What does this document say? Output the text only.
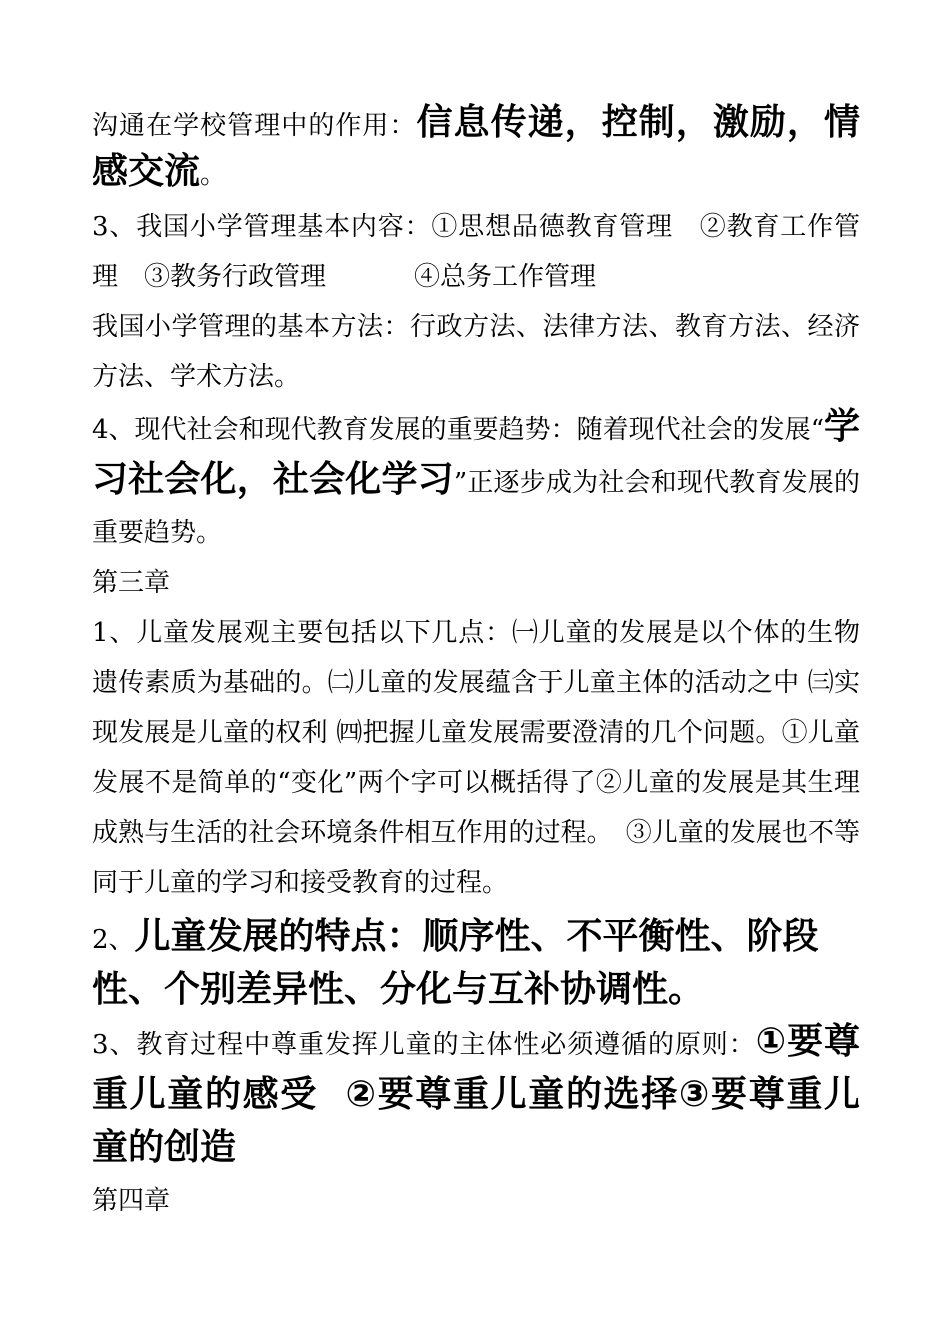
沟通在学校管理中的作用：信息传递，控制，激励，情感交流。

3、我国小学管理基本内容：①思想品德教育管理 ②教育工作管理 ③教务行政管理	④总务工作管理

我国小学管理的基本方法：行政方法、法律方法、教育方法、经济方法、学术方法。

4、现代社会和现代教育发展的重要趋势：随着现代社会的发展“学习社会化，社会化学习”正逐步成为社会和现代教育发展的重要趋势。

第三章

1、儿童发展观主要包括以下几点：㈠儿童的发展是以个体的生物遗传素质为基础的。㈡儿童的发展蕴含于儿童主体的活动之中 ㈢实现发展是儿童的权利 ㈣把握儿童发展需要澄清的几个问题。①儿童发展不是简单的“变化”两个字可以概括得了②儿童的发展是其生理成熟与生活的社会环境条件相互作用的过程。　③儿童的发展也不等同于儿童的学习和接受教育的过程。

2、儿童发展的特点：顺序性、不平衡性、阶段性、个别差异性、分化与互补协调性。

3、教育过程中尊重发挥儿童的主体性必须遵循的原则：①要尊重儿童的感受 ②要尊重儿童的选择③要尊重儿童的创造

第四章
